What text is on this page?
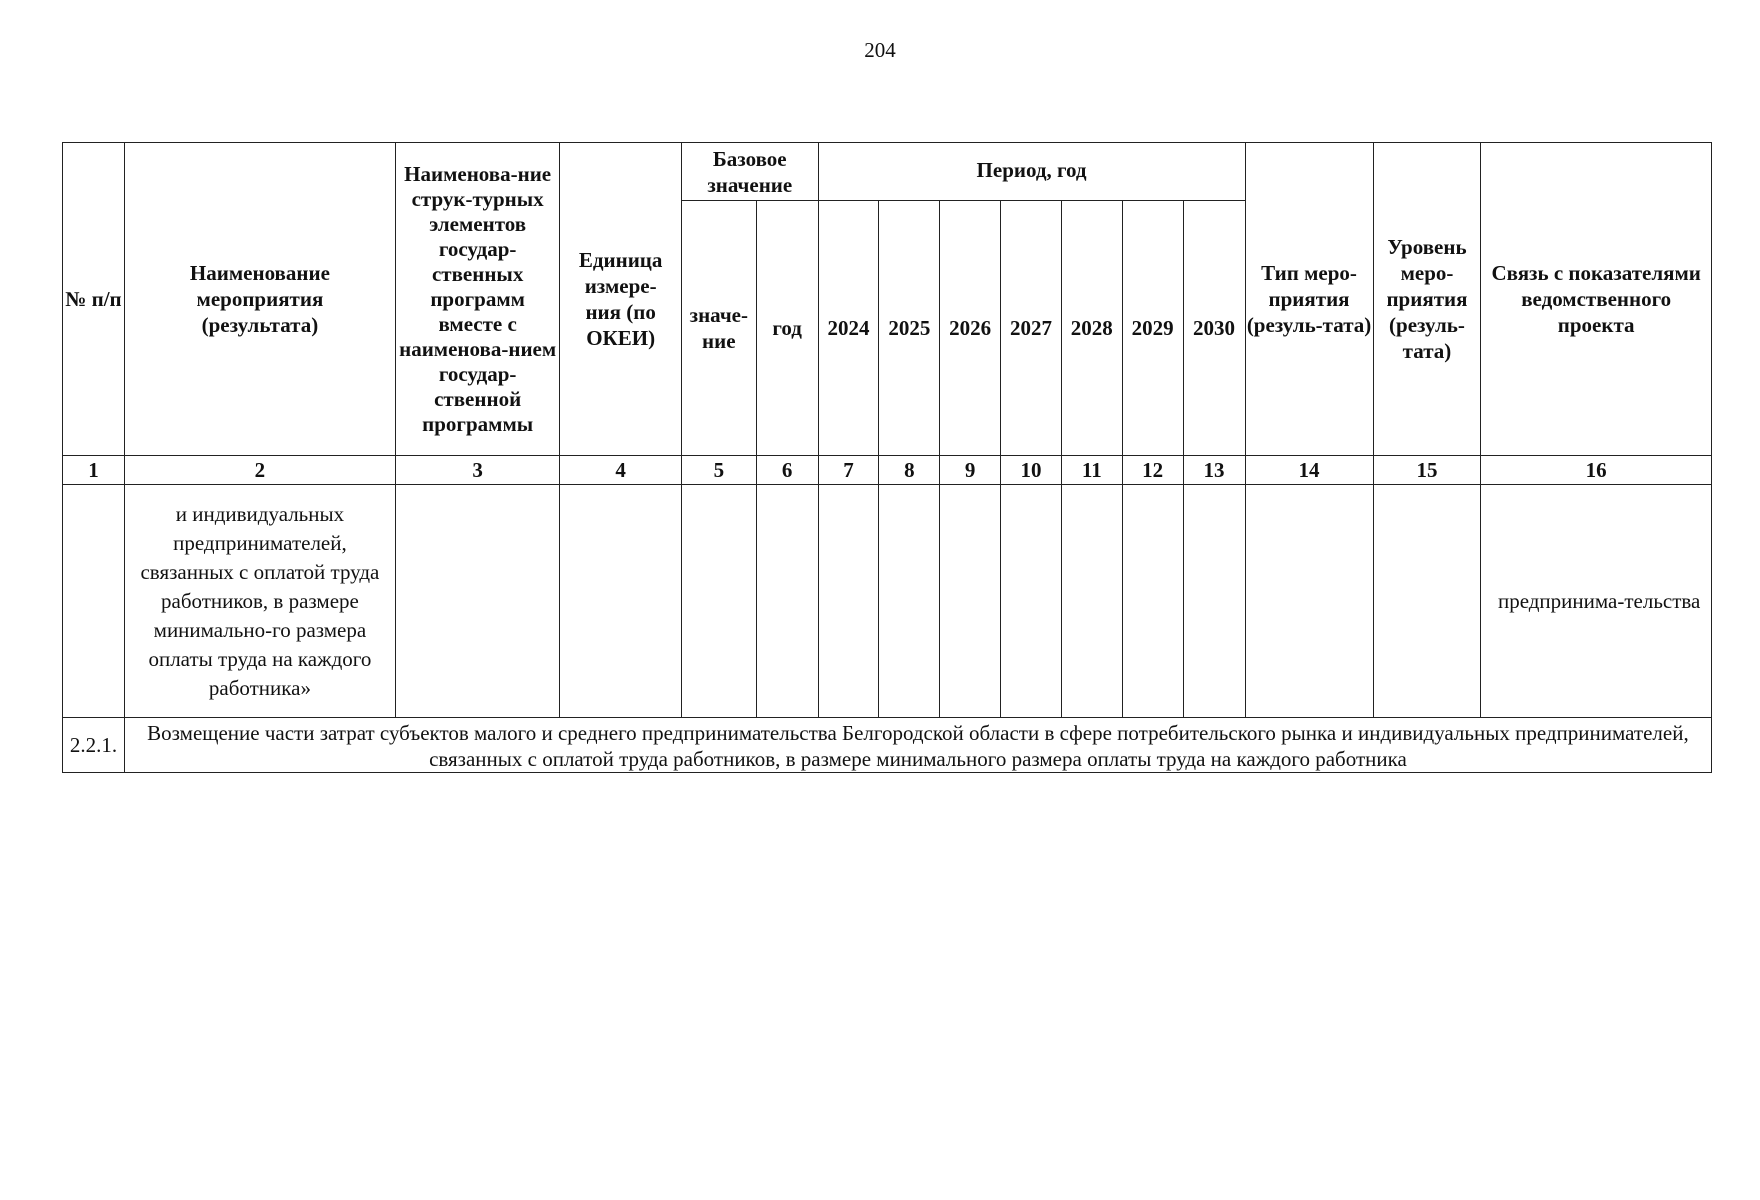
204
№ п/п	Наименование мероприятия (результата)	Наименова-ние струк-турных элементов государ-ственных программ вместе с наименова-нием государ-ственной программы	Единица измере-ния (по ОКЕИ)	Базовое значение		Период, год							Тип меро-приятия (резуль-тата)	Уровень меро-приятия (резуль-тата)	Связь с показателями ведомственного проекта
				значе-ние	год	2024	2025	2026	2027	2028	2029	2030			
1	2	3	4	5	6	7	8	9	10	11	12	13	14	15	16
	и индивидуальных предпринимателей, связанных с оплатой труда работников, в размере минимально-го размера оплаты труда на каждого работника»														предпринима-тельства
2.2.1.	Возмещение части затрат субъектов малого и среднего предпринимательства Белгородской области в сфере потребительского рынка и индивидуальных предпринимателей, связанных с оплатой труда работников, в размере минимального размера оплаты труда на каждого работника														
